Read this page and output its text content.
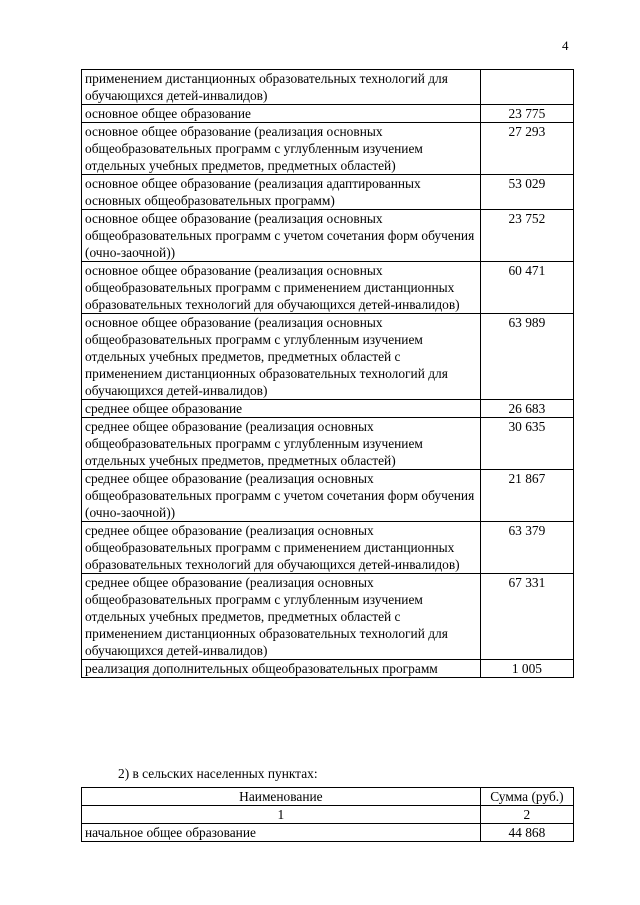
4
применением дистанционных образовательных технологий для обучающихся детей-инвалидов)	
основное общее образование	23 775
основное общее образование (реализация основных общеобразовательных программ с углубленным изучением отдельных учебных предметов, предметных областей)	27 293
основное общее образование (реализация адаптированных основных общеобразовательных программ)	53 029
основное общее образование (реализация основных общеобразовательных программ с учетом сочетания форм обучения (очно-заочной))	23 752
основное общее образование (реализация основных общеобразовательных программ с применением дистанционных образовательных технологий для обучающихся детей-инвалидов)	60 471
основное общее образование (реализация основных общеобразовательных программ с углубленным изучением отдельных учебных предметов, предметных областей с применением дистанционных образовательных технологий для обучающихся детей-инвалидов)	63 989
среднее общее образование	26 683
среднее общее образование (реализация основных общеобразовательных программ с углубленным изучением отдельных учебных предметов, предметных областей)	30 635
среднее общее образование (реализация основных общеобразовательных программ с учетом сочетания форм обучения (очно-заочной))	21 867
среднее общее образование (реализация основных общеобразовательных программ с применением дистанционных образовательных технологий для обучающихся детей-инвалидов)	63 379
среднее общее образование (реализация основных общеобразовательных программ с углубленным изучением отдельных учебных предметов, предметных областей с применением дистанционных образовательных технологий для обучающихся детей-инвалидов)	67 331
реализация дополнительных общеобразовательных программ	1 005
2) в сельских населенных пунктах:
Наименование	Сумма (руб.)
1	2
начальное общее образование	44 868
